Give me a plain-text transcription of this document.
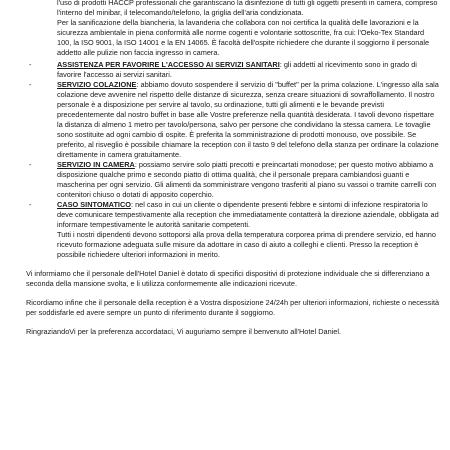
l'uso di prodotti HACCP professionali che garantiscano la disinfezione di tutti gli oggetti presenti in camera, compreso l'interno del minibar, il telecomando/telefono, la griglia dell'aria condizionata.

Per la sanificazione della biancheria, la lavanderia che collabora con noi certifica la qualità delle lavorazioni e la sicurezza ambientale in piena conformità alle norme cogenti e volontarie sottoscritte, fra cui: l'Oeko-Tex Standard 100, la ISO 9001, la ISO 14001 e la EN 14065. È facoltà dell'ospite richiedere che durante il soggiorno il personale addetto alle pulizie non faccia ingresso in camera.

-	ASSISTENZA PER FAVORIRE L'ACCESSO AI SERVIZI SANITARI: gli addetti al ricevimento sono in grado di favorire l'accesso ai servizi sanitari.

-	SERVIZIO COLAZIONE: abbiamo dovuto sospendere il servizio di "buffet" per la prima colazione. L'ingresso alla sala colazione deve avvenire nel rispetto delle distanze di sicurezza, senza creare situazioni di sovraffollamento. Il nostro personale è a disposizione per servire al tavolo, su ordinazione, tutti gli alimenti e le bevande previsti precedentemente dal nostro buffet in base alle Vostre preferenze nella quantità desiderata. I tavoli devono rispettare la distanza di almeno 1 metro per tavolo/persona, salvo per persone che condividano la stessa camera. Le tovaglie sono sostituite ad ogni cambio di ospite. È preferita la somministrazione di prodotti monouso, ove possibile. Se preferito, al risveglio è possibile chiamare la reception con il tasto 9 del telefono della stanza per ordinare la colazione direttamente in camera gratuitamente.

-	SERVIZIO IN CAMERA: possiamo servire solo piatti precotti e preincartati monodose; per questo motivo abbiamo a disposizione qualche primo e secondo piatto di ottima qualità, che il personale prepara cambiandosi guanti e mascherina per ogni servizio. Gli alimenti da somministrare vengono trasferiti al piano su vassoi o tramite carrelli con contenitori chiuso o dotati di apposito coperchio.

-	CASO SINTOMATICO: nel caso in cui un cliente o dipendente presenti febbre e sintomi di infezione respiratoria lo deve comunicare tempestivamente alla reception che immediatamente contatterà la direzione aziendale, obbligata ad informare tempestivamente le autorità sanitarie competenti.

Tutti i nostri dipendenti devono sottoporsi alla prova della temperatura corporea prima di prendere servizio, ed hanno ricevuto formazione adeguata sulle misure da adottare in caso di aiuto a colleghi e clienti. Presso la reception è possibile richiedere ulteriori informazioni in merito.

Vi informiamo che il personale dell'Hotel Daniel è dotato di specifici dispositivi di protezione individuale che si differenziano a seconda della mansione svolta, e li utilizza conformemente alle indicazioni ricevute.

Ricordiamo infine che il personale della reception è a Vostra disposizione 24/24h per ulteriori informazioni, richieste o necessità per soddisfarle ed avere sempre un punto di riferimento durante il soggiorno.

RingraziandoVi per la preferenza accordataci, Vi auguriamo sempre il benvenuto all'Hotel Daniel.
